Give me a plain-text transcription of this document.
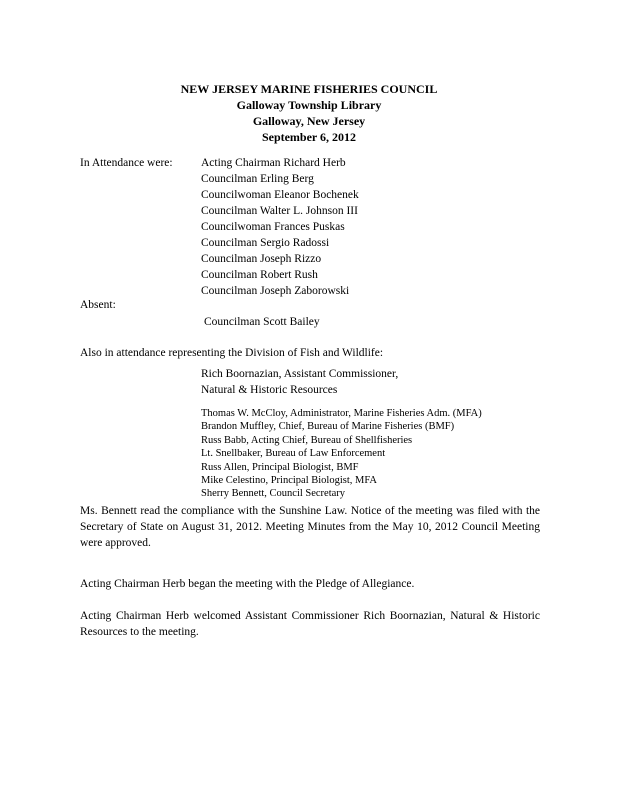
NEW JERSEY MARINE FISHERIES COUNCIL
Galloway Township Library
Galloway, New Jersey
September 6, 2012
In Attendance were: Acting Chairman Richard Herb
Councilman Erling Berg
Councilwoman Eleanor Bochenek
Councilman Walter L. Johnson III
Councilwoman Frances Puskas
Councilman Sergio Radossi
Councilman Joseph Rizzo
Councilman Robert Rush
Councilman Joseph Zaborowski
Absent:
Councilman Scott Bailey
Also in attendance representing the Division of Fish and Wildlife:
Rich Boornazian, Assistant Commissioner,
Natural & Historic Resources
Thomas W. McCloy, Administrator, Marine Fisheries Adm. (MFA)
Brandon Muffley, Chief, Bureau of Marine Fisheries (BMF)
Russ Babb, Acting Chief, Bureau of Shellfisheries
Lt. Snellbaker, Bureau of Law Enforcement
Russ Allen, Principal Biologist, BMF
Mike Celestino, Principal Biologist, MFA
Sherry Bennett, Council Secretary
Ms. Bennett read the compliance with the Sunshine Law. Notice of the meeting was filed with the Secretary of State on August 31, 2012. Meeting Minutes from the May 10, 2012 Council Meeting were approved.
Acting Chairman Herb began the meeting with the Pledge of Allegiance.
Acting Chairman Herb welcomed Assistant Commissioner Rich Boornazian, Natural & Historic Resources to the meeting.
